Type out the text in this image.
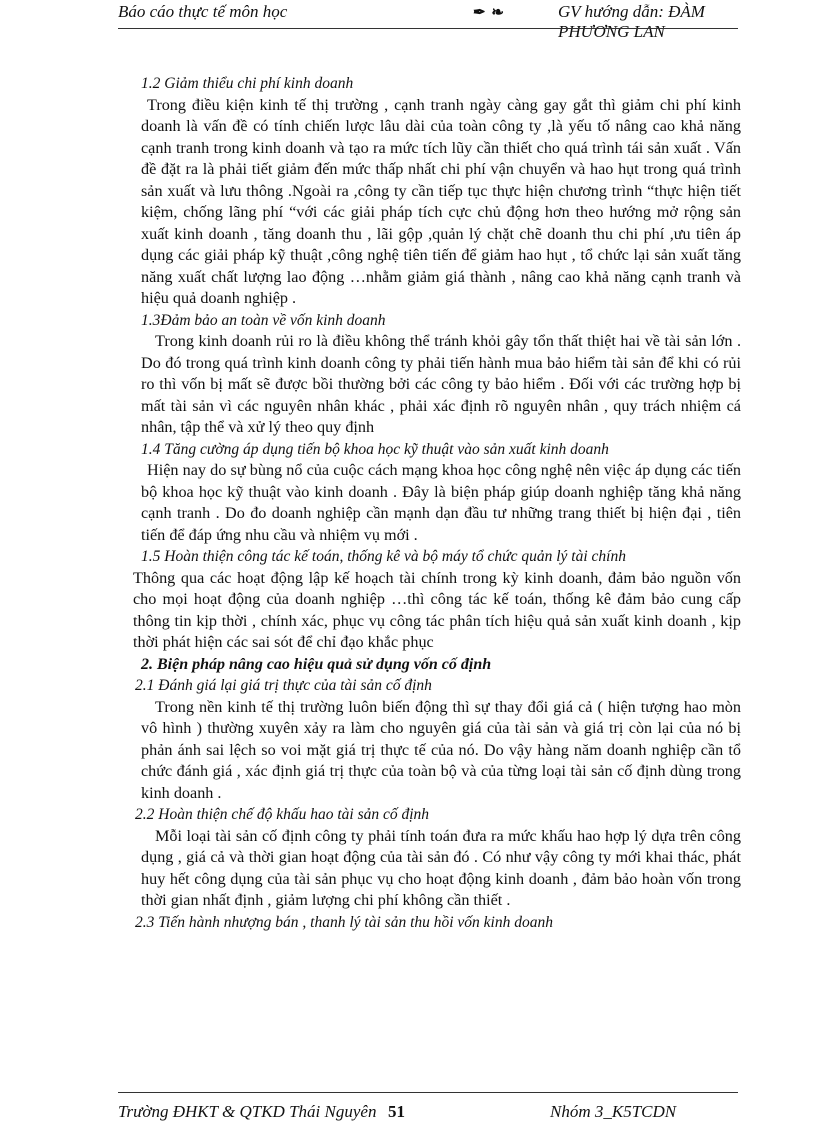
Báo cáo thực tế môn học	✒ ❧	GV hướng dẫn: ĐÀM PHƯƠNG LAN

1.2 Giảm thiểu chi phí kinh doanh

Trong điều kiện kinh tế thị trường , cạnh tranh ngày càng gay gắt thì giảm chi phí kinh doanh là vấn đề có tính chiến lược lâu dài của toàn công ty ,là yếu tố nâng cao khả năng cạnh tranh trong kinh doanh và tạo ra mức tích lũy cần thiết cho quá trình tái sản xuất . Vấn đề đặt ra là phải tiết giảm đến mức thấp nhất chi phí vận chuyển và hao hụt trong quá trình sản xuất và lưu thông .Ngoài ra ,công ty cần tiếp tục thực hiện chương trình “thực hiện tiết kiệm, chống lãng phí “với các giải pháp tích cực chủ động hơn theo hướng mở rộng sản xuất kinh doanh , tăng doanh thu , lãi gộp ,quản lý chặt chẽ doanh thu chi phí ,ưu tiên áp dụng các giải pháp kỹ thuật ,công nghệ tiên tiến để giảm hao hụt , tổ chức lại sản xuất tăng năng xuất chất lượng lao động …nhằm giảm giá thành , nâng cao khả năng cạnh tranh và hiệu quả doanh nghiệp .

1.3Đảm bảo an toàn về vốn kinh doanh

Trong kinh doanh rủi ro là điều không thể tránh khỏi gây tổn thất thiệt hai về tài sản lớn . Do đó trong quá trình kinh doanh công ty phải tiến hành mua bảo hiểm tài sản để khi có rủi ro thì vốn bị mất sẽ được bồi thường bởi các công ty bảo hiểm . Đối với các trường hợp bị mất tài sản vì các nguyên nhân khác , phải xác định rõ nguyên nhân , quy trách nhiệm cá nhân, tập thể và xử lý theo quy định

1.4 Tăng cường áp dụng tiến bộ khoa học kỹ thuật vào sản xuất kinh doanh

Hiện nay do sự bùng nổ của cuộc cách mạng khoa học công nghệ nên việc áp dụng các tiến bộ khoa học kỹ thuật vào kinh doanh . Đây là biện pháp giúp doanh nghiệp tăng khả năng cạnh tranh . Do đo doanh nghiệp cần mạnh dạn đầu tư những trang thiết bị hiện đại , tiên tiến để đáp ứng nhu cầu và nhiệm vụ mới .

1.5 Hoàn thiện công tác kế toán, thống kê và bộ máy tổ chức quản lý tài chính

Thông qua các hoạt động lập kế hoạch tài chính trong kỳ kinh doanh, đảm bảo nguồn vốn cho mọi hoạt động của doanh nghiệp …thì công tác kế toán, thống kê đảm bảo cung cấp thông tin kịp thời , chính xác, phục vụ công tác phân tích hiệu quả sản xuất kinh doanh , kịp thời phát hiện các sai sót để chỉ đạo khắc phục

2. Biện pháp nâng cao hiệu quả sử dụng vốn cố định

2.1 Đánh giá lại giá trị thực của tài sản cố định

Trong nền kinh tế thị trường luôn biến động thì sự thay đổi giá cả ( hiện tượng hao mòn vô hình ) thường xuyên xảy ra làm cho nguyên giá của tài sản và giá trị còn lại của nó bị phản ánh sai lệch so voi mặt giá trị thực tế của nó. Do vậy hàng năm doanh nghiệp cần tổ chức đánh giá , xác định giá trị thực của toàn bộ và của từng loại tài sản cố định dùng trong kinh doanh .

2.2 Hoàn thiện chế độ khấu hao tài sản cố định

Mỗi loại tài sản cố định công ty phải tính toán đưa ra mức khấu hao hợp lý dựa trên công dụng , giá cả và thời gian hoạt động của tài sản đó . Có như vậy công ty mới khai thác, phát huy hết công dụng của tài sản phục vụ cho hoạt động kinh doanh , đảm bảo hoàn vốn trong thời gian nhất định , giảm lượng chi phí không cần thiết .

2.3 Tiến hành nhượng bán , thanh lý tài sản thu hồi vốn kinh doanh

Trường ĐHKT & QTKD Thái Nguyên 51	Nhóm 3_K5TCDN
